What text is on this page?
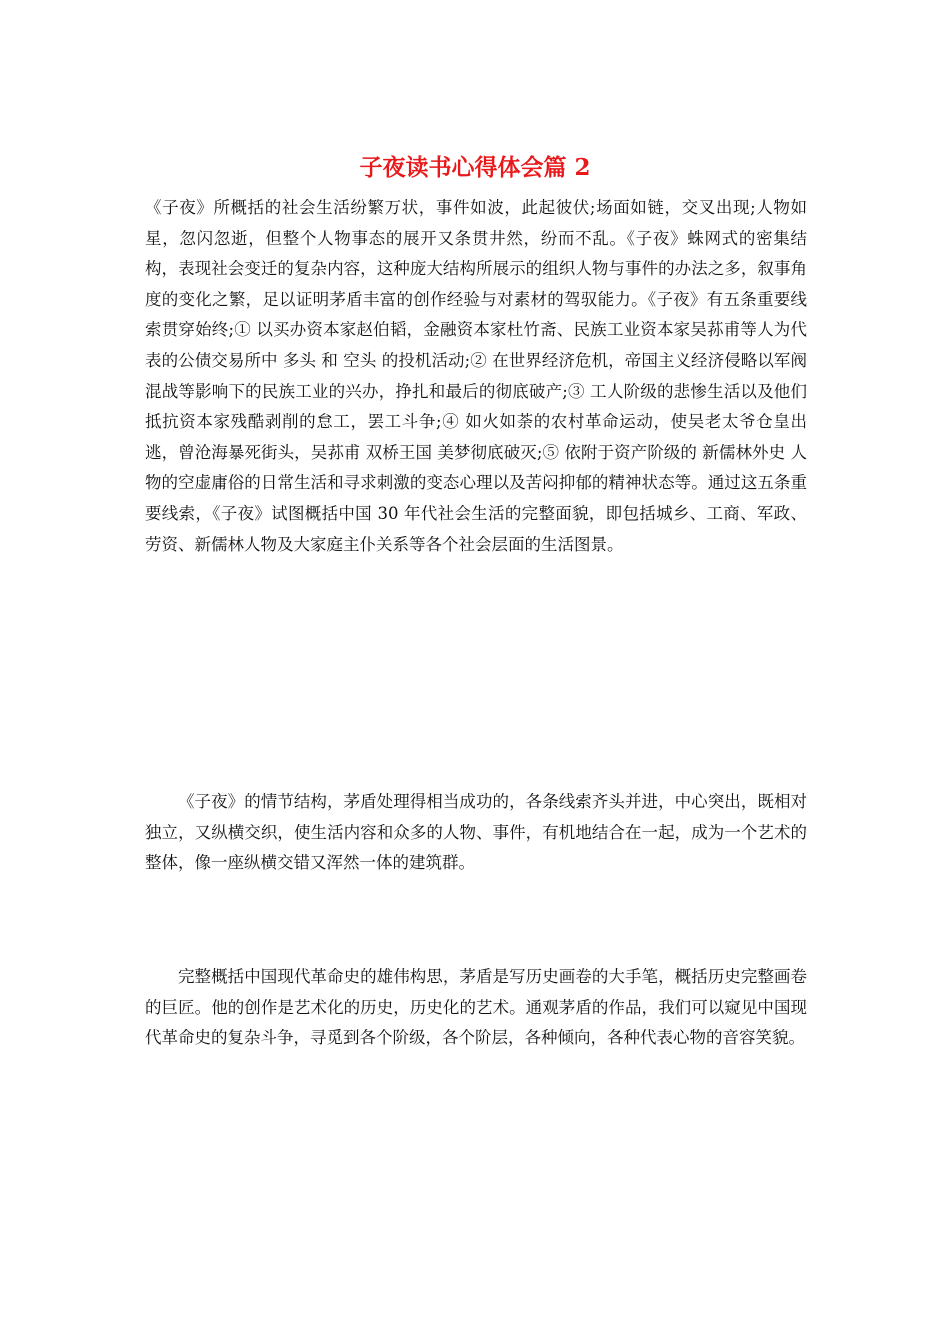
子夜读书心得体会篇 2

《子夜》所概括的社会生活纷繁万状，事件如波，此起彼伏;场面如链，交叉出现;人物如星，忽闪忽逝，但整个人物事态的展开又条贯井然，纷而不乱。《子夜》蛛网式的密集结构，表现社会变迁的复杂内容，这种庞大结构所展示的组织人物与事件的办法之多，叙事角度的变化之繁，足以证明茅盾丰富的创作经验与对素材的驾驭能力。《子夜》有五条重要线索贯穿始终;① 以买办资本家赵伯韬，金融资本家杜竹斋、民族工业资本家吴荪甫等人为代表的公债交易所中 多头 和 空头 的投机活动;② 在世界经济危机，帝国主义经济侵略以军阀混战等影响下的民族工业的兴办，挣扎和最后的彻底破产;③ 工人阶级的悲惨生活以及他们抵抗资本家残酷剥削的怠工，罢工斗争;④ 如火如荼的农村革命运动，使吴老太爷仓皇出逃，曾沧海暴死街头，吴荪甫 双桥王国 美梦彻底破灭;⑤ 依附于资产阶级的 新儒林外史 人物的空虚庸俗的日常生活和寻求刺激的变态心理以及苦闷抑郁的精神状态等。通过这五条重要线索，《子夜》试图概括中国 30 年代社会生活的完整面貌，即包括城乡、工商、军政、劳资、新儒林人物及大家庭主仆关系等各个社会层面的生活图景。

《子夜》的情节结构，茅盾处理得相当成功的，各条线索齐头并进，中心突出，既相对独立，又纵横交织，使生活内容和众多的人物、事件，有机地结合在一起，成为一个艺术的整体，像一座纵横交错又浑然一体的建筑群。

完整概括中国现代革命史的雄伟构思，茅盾是写历史画卷的大手笔，概括历史完整画卷的巨匠。他的创作是艺术化的历史，历史化的艺术。通观茅盾的作品，我们可以窥见中国现代革命史的复杂斗争，寻觅到各个阶级，各个阶层，各种倾向，各种代表心物的音容笑貌。
